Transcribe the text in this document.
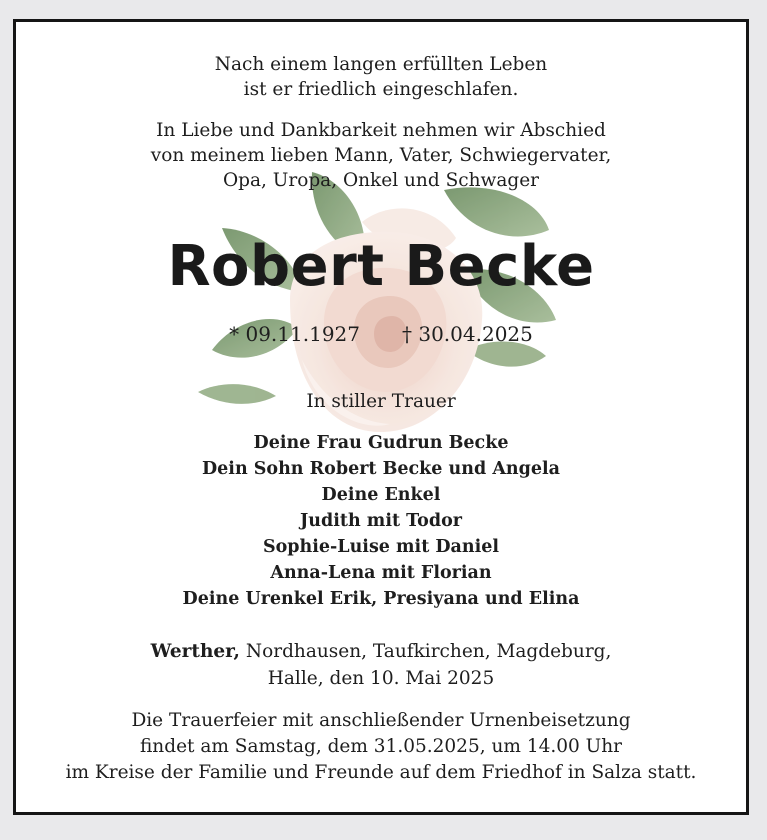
Nach einem langen erfüllten Leben

ist er friedlich eingeschlafen.

In Liebe und Dankbarkeit nehmen wir Abschied

von meinem lieben Mann, Vater, Schwiegervater,

Opa, Uropa, Onkel und Schwager

Robert Becke
* 09.11.1927 † 30.04.2025
In stiller Trauer

Deine Frau Gudrun Becke

Dein Sohn Robert Becke und Angela

Deine Enkel

Judith mit Todor

Sophie-Luise mit Daniel

Anna-Lena mit Florian

Deine Urenkel Erik, Presiyana und Elina

Werther, Nordhausen, Taufkirchen, Magdeburg,

Halle, den 10. Mai 2025

Die Trauerfeier mit anschließender Urnenbeisetzung

findet am Samstag, dem 31.05.2025, um 14.00 Uhr

im Kreise der Familie und Freunde auf dem Friedhof in Salza statt.
